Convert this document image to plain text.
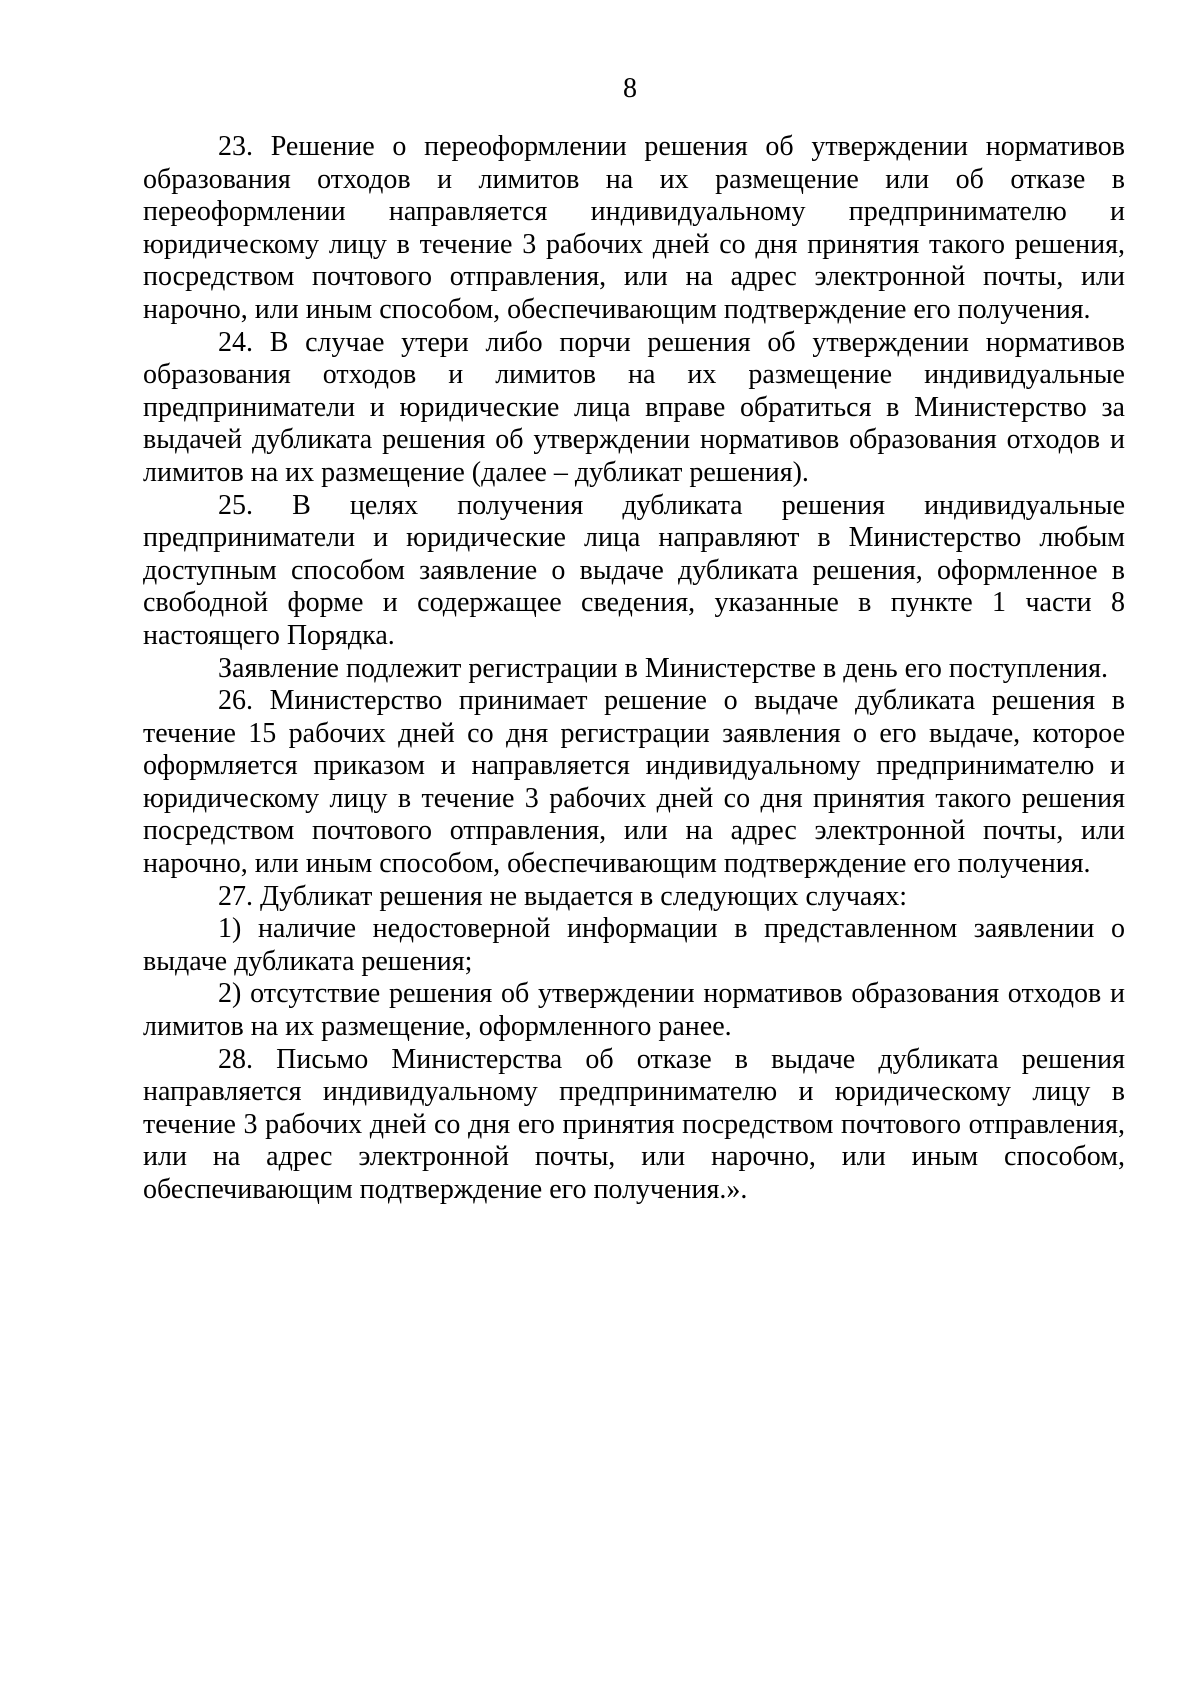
8

23. Решение о переоформлении решения об утверждении нормативов образования отходов и лимитов на их размещение или об отказе в переоформлении направляется индивидуальному предпринимателю и юридическому лицу в течение 3 рабочих дней со дня принятия такого решения, посредством почтового отправления, или на адрес электронной почты, или нарочно, или иным способом, обеспечивающим подтверждение его получения.

24. В случае утери либо порчи решения об утверждении нормативов образования отходов и лимитов на их размещение индивидуальные предприниматели и юридические лица вправе обратиться в Министерство за выдачей дубликата решения об утверждении нормативов образования отходов и лимитов на их размещение (далее – дубликат решения).

25. В целях получения дубликата решения индивидуальные предприниматели и юридические лица направляют в Министерство любым доступным способом заявление о выдаче дубликата решения, оформленное в свободной форме и содержащее сведения, указанные в пункте 1 части 8 настоящего Порядка.

Заявление подлежит регистрации в Министерстве в день его поступления.

26. Министерство принимает решение о выдаче дубликата решения в течение 15 рабочих дней со дня регистрации заявления о его выдаче, которое оформляется приказом и направляется индивидуальному предпринимателю и юридическому лицу в течение 3 рабочих дней со дня принятия такого решения посредством почтового отправления, или на адрес электронной почты, или нарочно, или иным способом, обеспечивающим подтверждение его получения.

27. Дубликат решения не выдается в следующих случаях:

1) наличие недостоверной информации в представленном заявлении о выдаче дубликата решения;

2) отсутствие решения об утверждении нормативов образования отходов и лимитов на их размещение, оформленного ранее.

28. Письмо Министерства об отказе в выдаче дубликата решения направляется индивидуальному предпринимателю и юридическому лицу в течение 3 рабочих дней со дня его принятия посредством почтового отправления, или на адрес электронной почты, или нарочно, или иным способом, обеспечивающим подтверждение его получения.».
